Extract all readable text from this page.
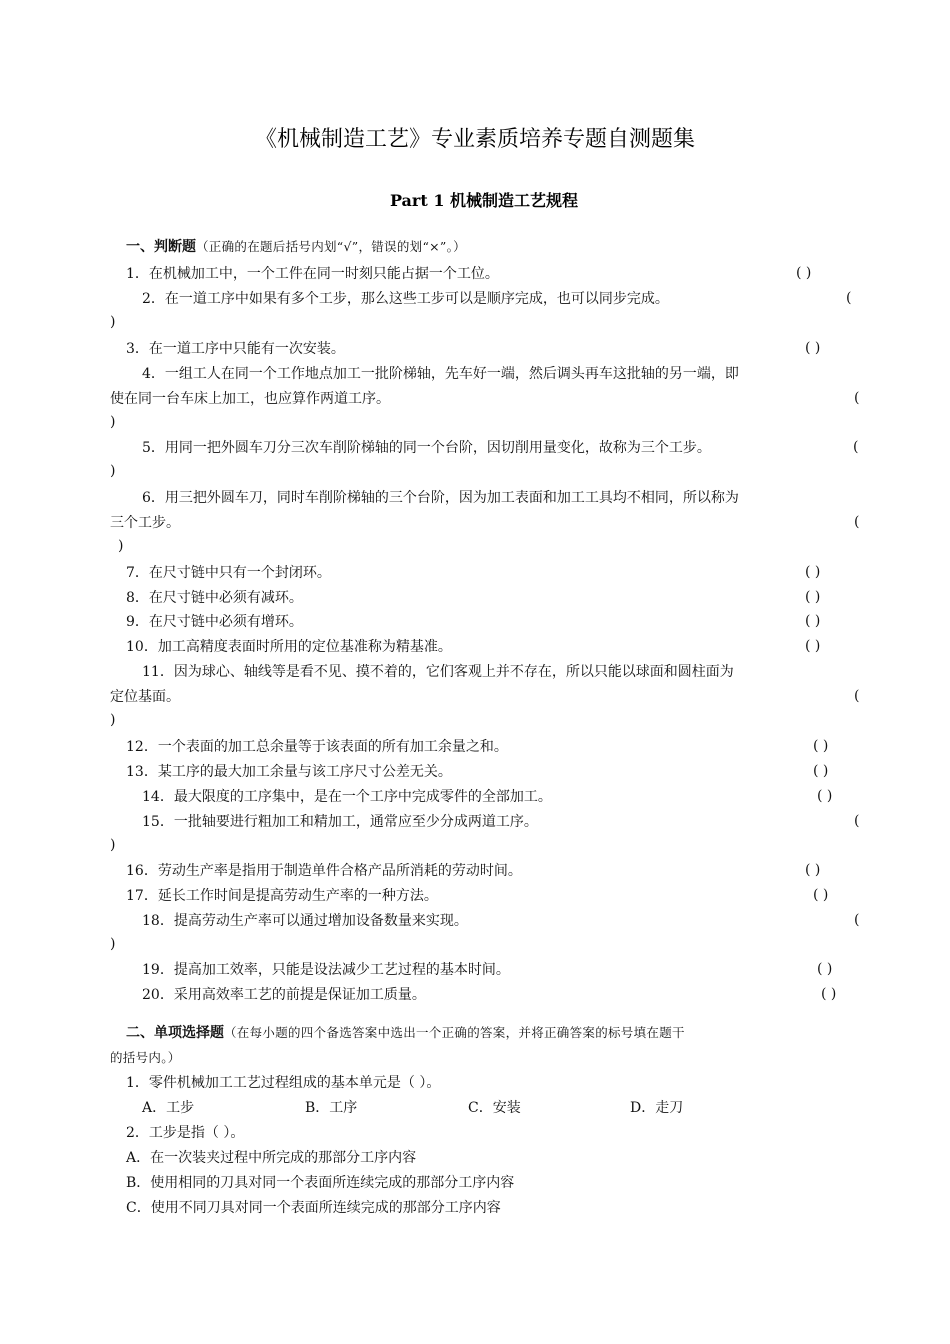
《机械制造工艺》专业素质培养专题自测题集
Part 1 机械制造工艺规程
一、判断题（正确的在题后括号内划“√”，错误的划“×”。）
1．在机械加工中，一个工件在同一时刻只能占据一个工位。	( )
2．在一道工序中如果有多个工步，那么这些工步可以是顺序完成，也可以同步完成。	(
)
3．在一道工序中只能有一次安装。	( )
4．一组工人在同一个工作地点加工一批阶梯轴，先车好一端，然后调头再车这批轴的另一端，即
使在同一台车床上加工，也应算作两道工序。	(
)
5．用同一把外圆车刀分三次车削阶梯轴的同一个台阶，因切削用量变化，故称为三个工步。	(
)
6．用三把外圆车刀，同时车削阶梯轴的三个台阶，因为加工表面和加工工具均不相同，所以称为
三个工步。	(
)
7．在尺寸链中只有一个封闭环。	( )
8．在尺寸链中必须有减环。	( )
9．在尺寸链中必须有增环。	( )
10．加工高精度表面时所用的定位基准称为精基准。	( )
11．因为球心、轴线等是看不见、摸不着的，它们客观上并不存在，所以只能以球面和圆柱面为
定位基面。	(
)
12．一个表面的加工总余量等于该表面的所有加工余量之和。	( )
13．某工序的最大加工余量与该工序尺寸公差无关。	( )
14．最大限度的工序集中，是在一个工序中完成零件的全部加工。	( )
15．一批轴要进行粗加工和精加工，通常应至少分成两道工序。	(
)
16．劳动生产率是指用于制造单件合格产品所消耗的劳动时间。	( )
17．延长工作时间是提高劳动生产率的一种方法。	( )
18．提高劳动生产率可以通过增加设备数量来实现。	(
)
19．提高加工效率，只能是设法减少工艺过程的基本时间。	( )
20．采用高效率工艺的前提是保证加工质量。	( )
二、单项选择题（在每小题的四个备选答案中选出一个正确的答案，并将正确答案的标号填在题干
的括号内。）
1．零件机械加工工艺过程组成的基本单元是（ ）。
A．工步	B．工序	C．安装	D．走刀
2．工步是指（ ）。
A．在一次装夹过程中所完成的那部分工序内容
B．使用相同的刀具对同一个表面所连续完成的那部分工序内容
C．使用不同刀具对同一个表面所连续完成的那部分工序内容
